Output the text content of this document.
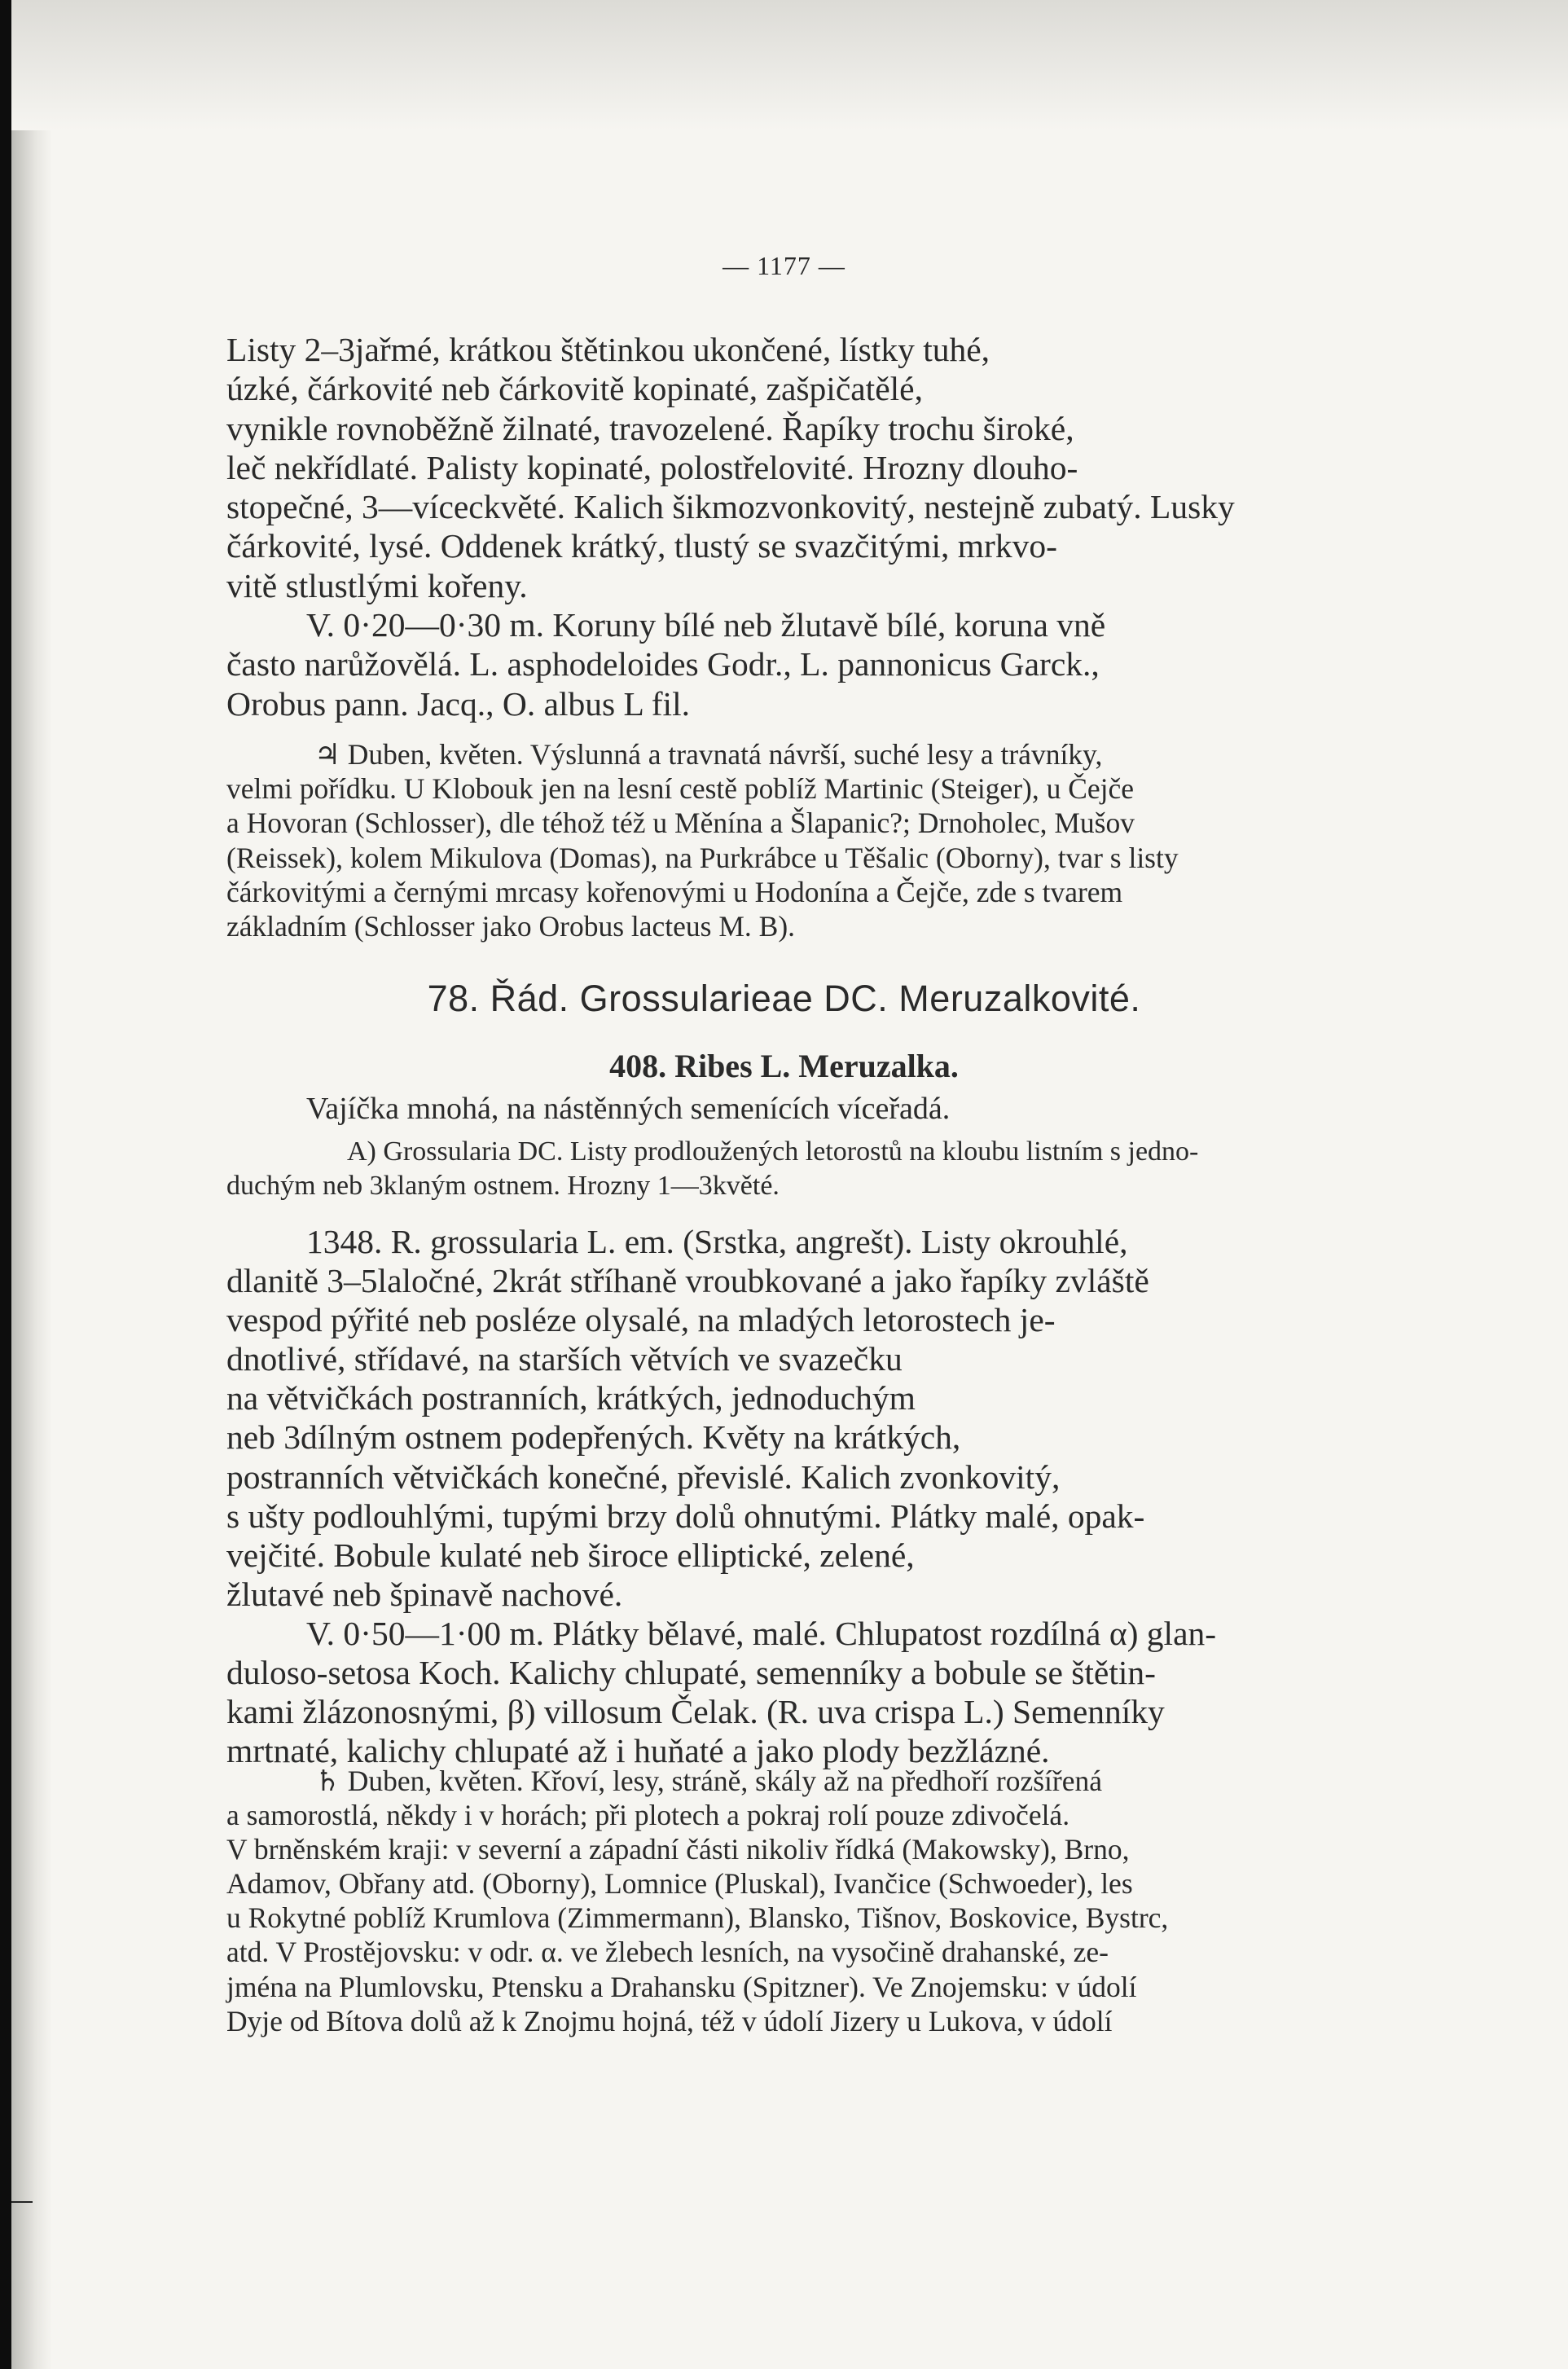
— 1177 —
Listy 2–3jařmé, krátkou štětinkou ukončené, lístky tuhé,
úzké, čárkovité neb čárkovitě kopinaté, zašpičatělé,
vynikle rovnoběžně žilnaté, travozelené. Řapíky trochu široké,
leč nekřídlaté. Palisty kopinaté, polostřelovité. Hrozny dlouho-
stopečné, 3—víceckvěté. Kalich šikmozvonkovitý, nestejně zubatý. Lusky
čárkovité, lysé. Oddenek krátký, tlustý se svazčitými, mrkvo-
vitě stlustlými kořeny.
V. 0·20—0·30 m. Koruny bílé neb žlutavě bílé, koruna vně
často narůžovělá. L. asphodeloides Godr., L. pannonicus Garck.,
Orobus pann. Jacq., O. albus L fil.
♃ Duben, květen. Výslunná a travnatá návrší, suché lesy a trávníky,
velmi pořídku. U Klobouk jen na lesní cestě poblíž Martinic (Steiger), u Čejče
a Hovoran (Schlosser), dle téhož též u Měnína a Šlapanic?; Drnoholec, Mušov
(Reissek), kolem Mikulova (Domas), na Purkrábce u Těšalic (Oborny), tvar s listy
čárkovitými a černými mrcasy kořenovými u Hodonína a Čejče, zde s tvarem
základním (Schlosser jako Orobus lacteus M. B).
78. Řád. Grossularieae DC. Meruzalkovité.
408. Ribes L. Meruzalka.
Vajíčka mnohá, na nástěnných semenících víceřadá.
A) Grossularia DC. Listy prodloužených letorostů na kloubu listním s jedno-
duchým neb 3klaným ostnem. Hrozny 1—3květé.
1348. R. grossularia L. em. (Srstka, angrešt). Listy okrouhlé,
dlanitě 3–5laločné, 2krát stříhaně vroubkované a jako řapíky zvláště
vespod pýřité neb posléze olysalé, na mladých letorostech je-
dnotlivé, střídavé, na starších větvích ve svazečku
na větvičkách postranních, krátkých, jednoduchým
neb 3dílným ostnem podepřených. Květy na krátkých,
postranních větvičkách konečné, převislé. Kalich zvonkovitý,
s ušty podlouhlými, tupými brzy dolů ohnutými. Plátky malé, opak-
vejčité. Bobule kulaté neb široce elliptické, zelené,
žlutavé neb špinavě nachové.
V. 0·50—1·00 m. Plátky bělavé, malé. Chlupatost rozdílná α) glan-
duloso-setosa Koch. Kalichy chlupaté, semenníky a bobule se štětin-
kami žlázonosnými, β) villosum Čelak. (R. uva crispa L.) Semenníky
mrtnaté, kalichy chlupaté až i huňaté a jako plody bezžlázné.
♄ Duben, květen. Křoví, lesy, stráně, skály až na předhoří rozšířená
a samorostlá, někdy i v horách; při plotech a pokraj rolí pouze zdivočelá.
V brněnském kraji: v severní a západní části nikoliv řídká (Makowsky), Brno,
Adamov, Obřany atd. (Oborny), Lomnice (Pluskal), Ivančice (Schwoeder), les
u Rokytné poblíž Krumlova (Zimmermann), Blansko, Tišnov, Boskovice, Bystrc,
atd. V Prostějovsku: v odr. α. ve žlebech lesních, na vysočině drahanské, ze-
jména na Plumlovsku, Ptensku a Drahansku (Spitzner). Ve Znojemsku: v údolí
Dyje od Bítova dolů až k Znojmu hojná, též v údolí Jizery u Lukova, v údolí
